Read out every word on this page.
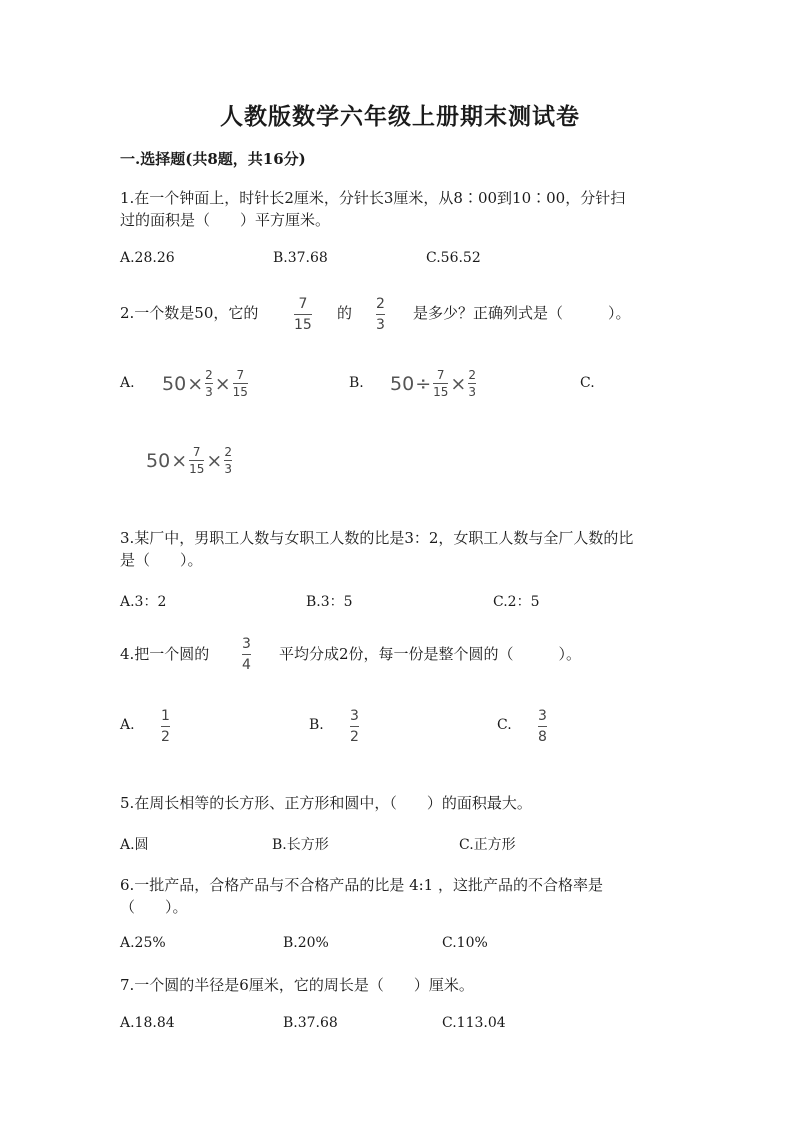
人教版数学六年级上册期末测试卷
一.选择题(共8题，共16分)
1.在一个钟面上，时针长2厘米，分针长3厘米，从8∶00到10∶00，分针扫
过的面积是（　　）平方厘米。
A.28.26	B.37.68	C.56.52
2.一个数是50，它的	7
15
的 2
3
是多少？正确列式是（　　　）。
A. $50 \times \frac{2}{3} \times \frac{7}{15}$	B. $50 \div \frac{7}{15} \times \frac{2}{3}$	C.
$50 \times \frac{7}{15} \times \frac{2}{3}$
3.某厂中，男职工人数与女职工人数的比是3：2，女职工人数与全厂人数的比
是（　　）。
A.3：2	B.3：5	C.2：5
4.把一个圆的
3
4
平均分成2份，每一份是整个圆的（　　　）。
A.
1
2
B.
3
2
C.
3
8
5.在周长相等的长方形、正方形和圆中，（　　）的面积最大。
A.圆	B.长方形	C.正方形
6.一批产品，合格产品与不合格产品的比是 4:1 ，这批产品的不合格率是
（　　）。
A.25%	B.20%	C.10%
7.一个圆的半径是6厘米，它的周长是（　　）厘米。
A.18.84	B.37.68	C.113.04
